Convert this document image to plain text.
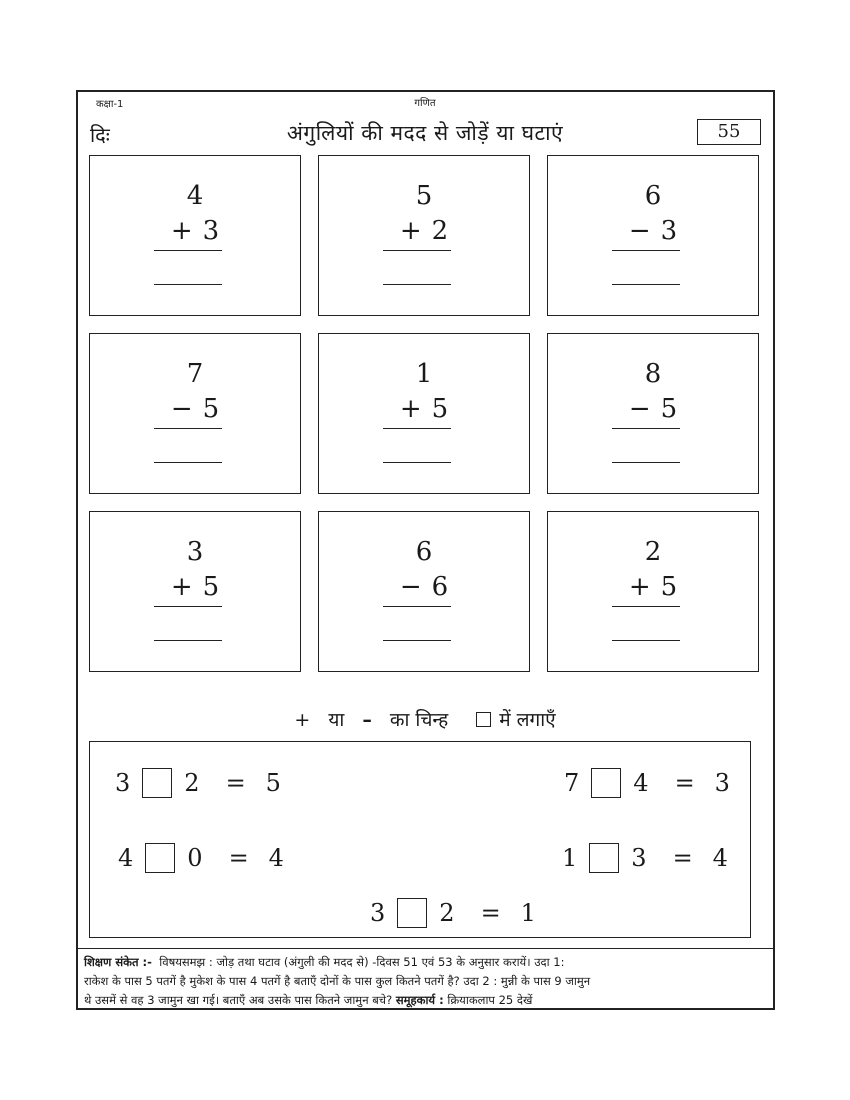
कक्षा-1	गणित
दिः	अंगुलियों की मदद से जोड़ें या घटाएं	55
4
+ 3
5
+ 2
6
− 3
7
− 5
1
+ 5
8
− 5
3
+ 5
6
− 6
2
+ 5
+ या – का चिन्ह	में लगाएँ
3 2 = 5	7 4 = 3
4 0 = 4	1 3 = 4
3 2 = 1
शिक्षण संकेत :- विषयसमझ : जोड़ तथा घटाव (अंगुली की मदद से) -दिवस 51 एवं 53 के अनुसार करायें। उदा 1:
राकेश के पास 5 पतगें है मुकेश के पास 4 पतगें है बताएँ दोनों के पास कुल कितने पतगें है? उदा 2 : मुन्नी के पास 9 जामुन
थे उसमें से वह 3 जामुन खा गई। बताएँ अब उसके पास कितने जामुन बचे? समूहकार्य : क्रियाकलाप 25 देखें
